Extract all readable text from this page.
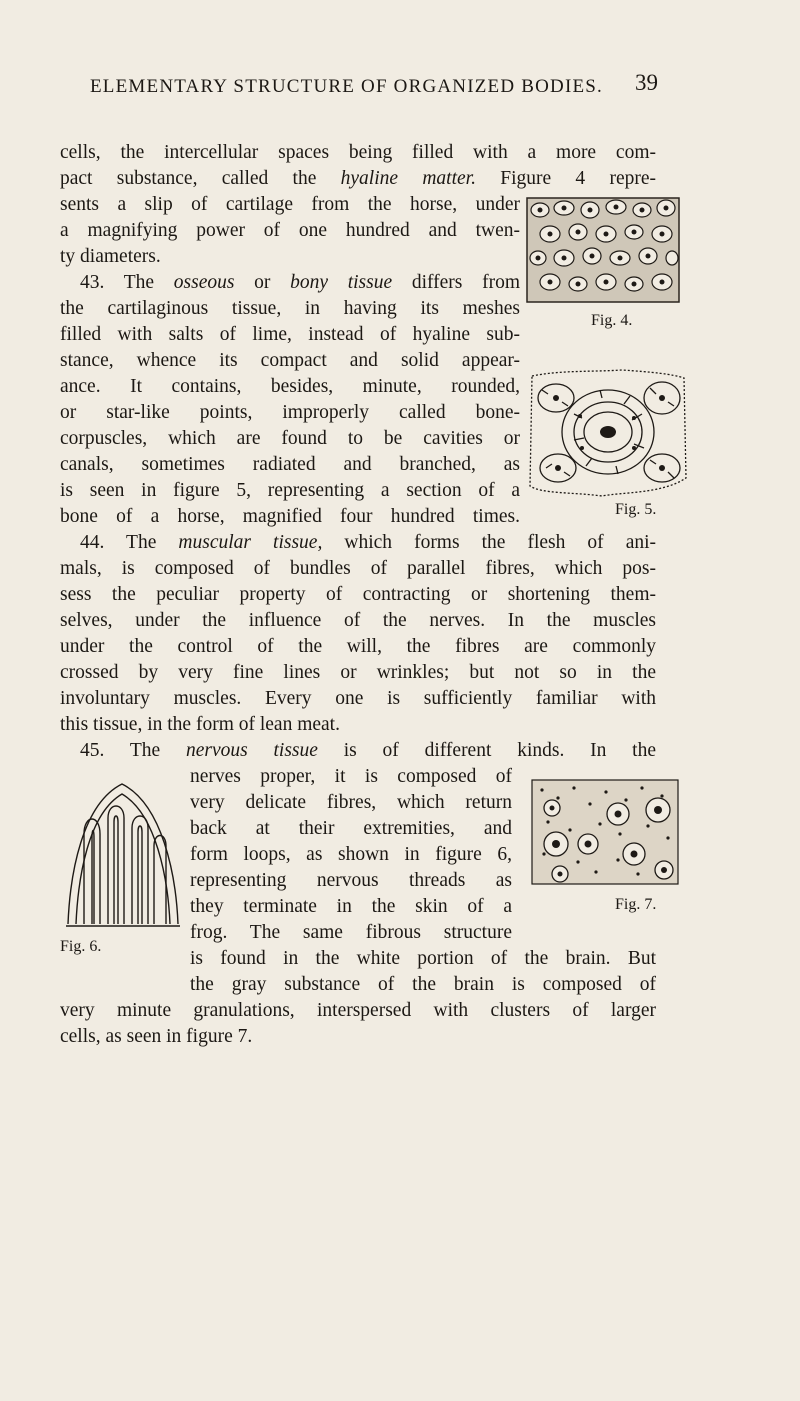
ELEMENTARY STRUCTURE OF ORGANIZED BODIES.	39
cells, the intercellular spaces being filled with a more com-
pact substance, called the hyaline matter. Figure 4 repre-
sents a slip of cartilage from the horse, under
a magnifying power of one hundred and twen-
ty diameters.
43. The osseous or bony tissue differs from
the cartilaginous tissue, in having its meshes
filled with salts of lime, instead of hyaline sub-
stance, whence its compact and solid appear-
ance. It contains, besides, minute, rounded,
or star-like points, improperly called bone-
corpuscles, which are found to be cavities or
canals, sometimes radiated and branched, as
is seen in figure 5, representing a section of a
bone of a horse, magnified four hundred times.
44. The muscular tissue, which forms the flesh of ani-
mals, is composed of bundles of parallel fibres, which pos-
sess the peculiar property of contracting or shortening them-
selves, under the influence of the nerves. In the muscles
under the control of the will, the fibres are commonly
crossed by very fine lines or wrinkles; but not so in the
involuntary muscles. Every one is sufficiently familiar with
this tissue, in the form of lean meat.
45. The nervous tissue is of different kinds. In the
nerves proper, it is composed of
very delicate fibres, which return
back at their extremities, and
form loops, as shown in figure 6,
representing nervous threads as
they terminate in the skin of a
frog. The same fibrous structure
is found in the white portion of the brain. But
the gray substance of the brain is composed of
very minute granulations, interspersed with clusters of larger
cells, as seen in figure 7.
Fig. 4.
Fig. 5.
Fig. 6.
Fig. 7.
